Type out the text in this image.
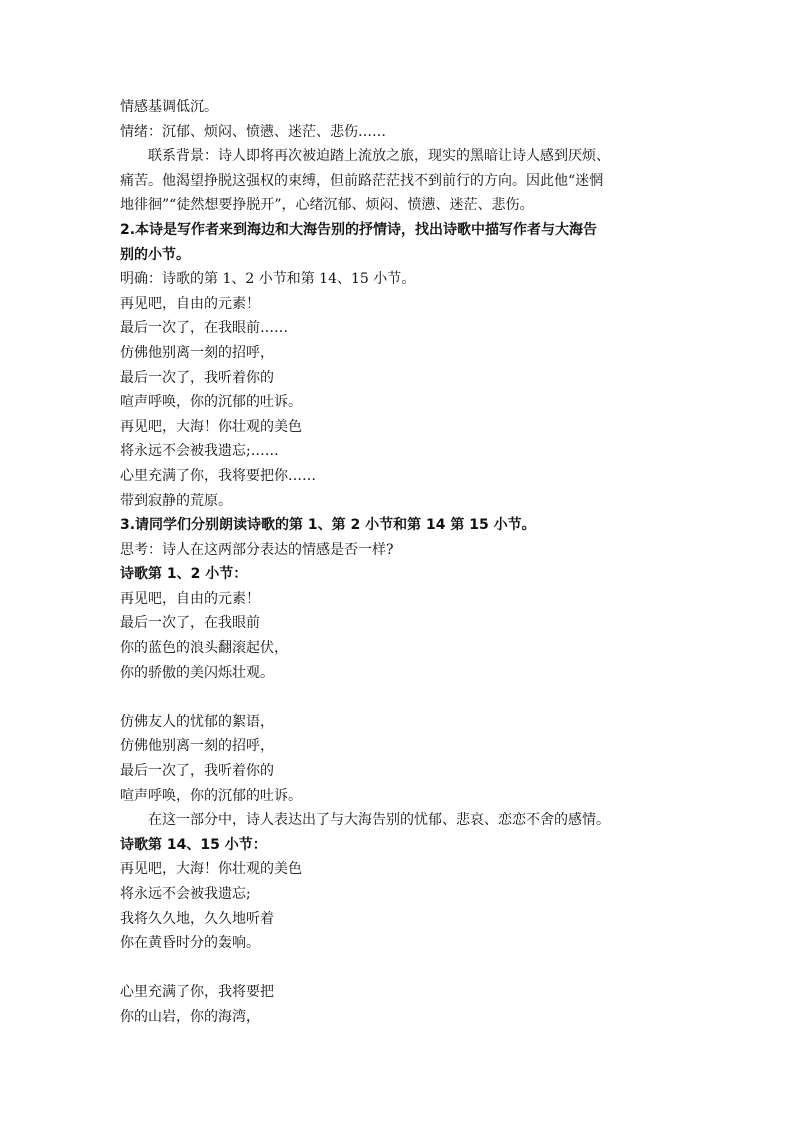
情感基调低沉。
情绪：沉郁、烦闷、愤懑、迷茫、悲伤……
联系背景：诗人即将再次被迫踏上流放之旅，现实的黑暗让诗人感到厌烦、
痛苦。他渴望挣脱这强权的束缚，但前路茫茫找不到前行的方向。因此他“迷惘
地徘徊”“徒然想要挣脱开”，心绪沉郁、烦闷、愤懑、迷茫、悲伤。
2.本诗是写作者来到海边和大海告别的抒情诗，找出诗歌中描写作者与大海告
别的小节。
明确：诗歌的第 1、2 小节和第 14、15 小节。
再见吧，自由的元素！
最后一次了，在我眼前……
仿佛他别离一刻的招呼，
最后一次了，我听着你的
喧声呼唤，你的沉郁的吐诉。
再见吧，大海！你壮观的美色
将永远不会被我遗忘;……
心里充满了你，我将要把你……
带到寂静的荒原。
3.请同学们分别朗读诗歌的第 1、第 2 小节和第 14 第 15 小节。
思考：诗人在这两部分表达的情感是否一样?
诗歌第 1、2 小节：
再见吧，自由的元素！
最后一次了，在我眼前
你的蓝色的浪头翻滚起伏，
你的骄傲的美闪烁壮观。
仿佛友人的忧郁的絮语，
仿佛他别离一刻的招呼，
最后一次了，我听着你的
喧声呼唤，你的沉郁的吐诉。
在这一部分中，诗人表达出了与大海告别的忧郁、悲哀、恋恋不舍的感情。
诗歌第 14、15 小节：
再见吧，大海！你壮观的美色
将永远不会被我遗忘;
我将久久地，久久地听着
你在黄昏时分的轰响。
心里充满了你，我将要把
你的山岩，你的海湾，
